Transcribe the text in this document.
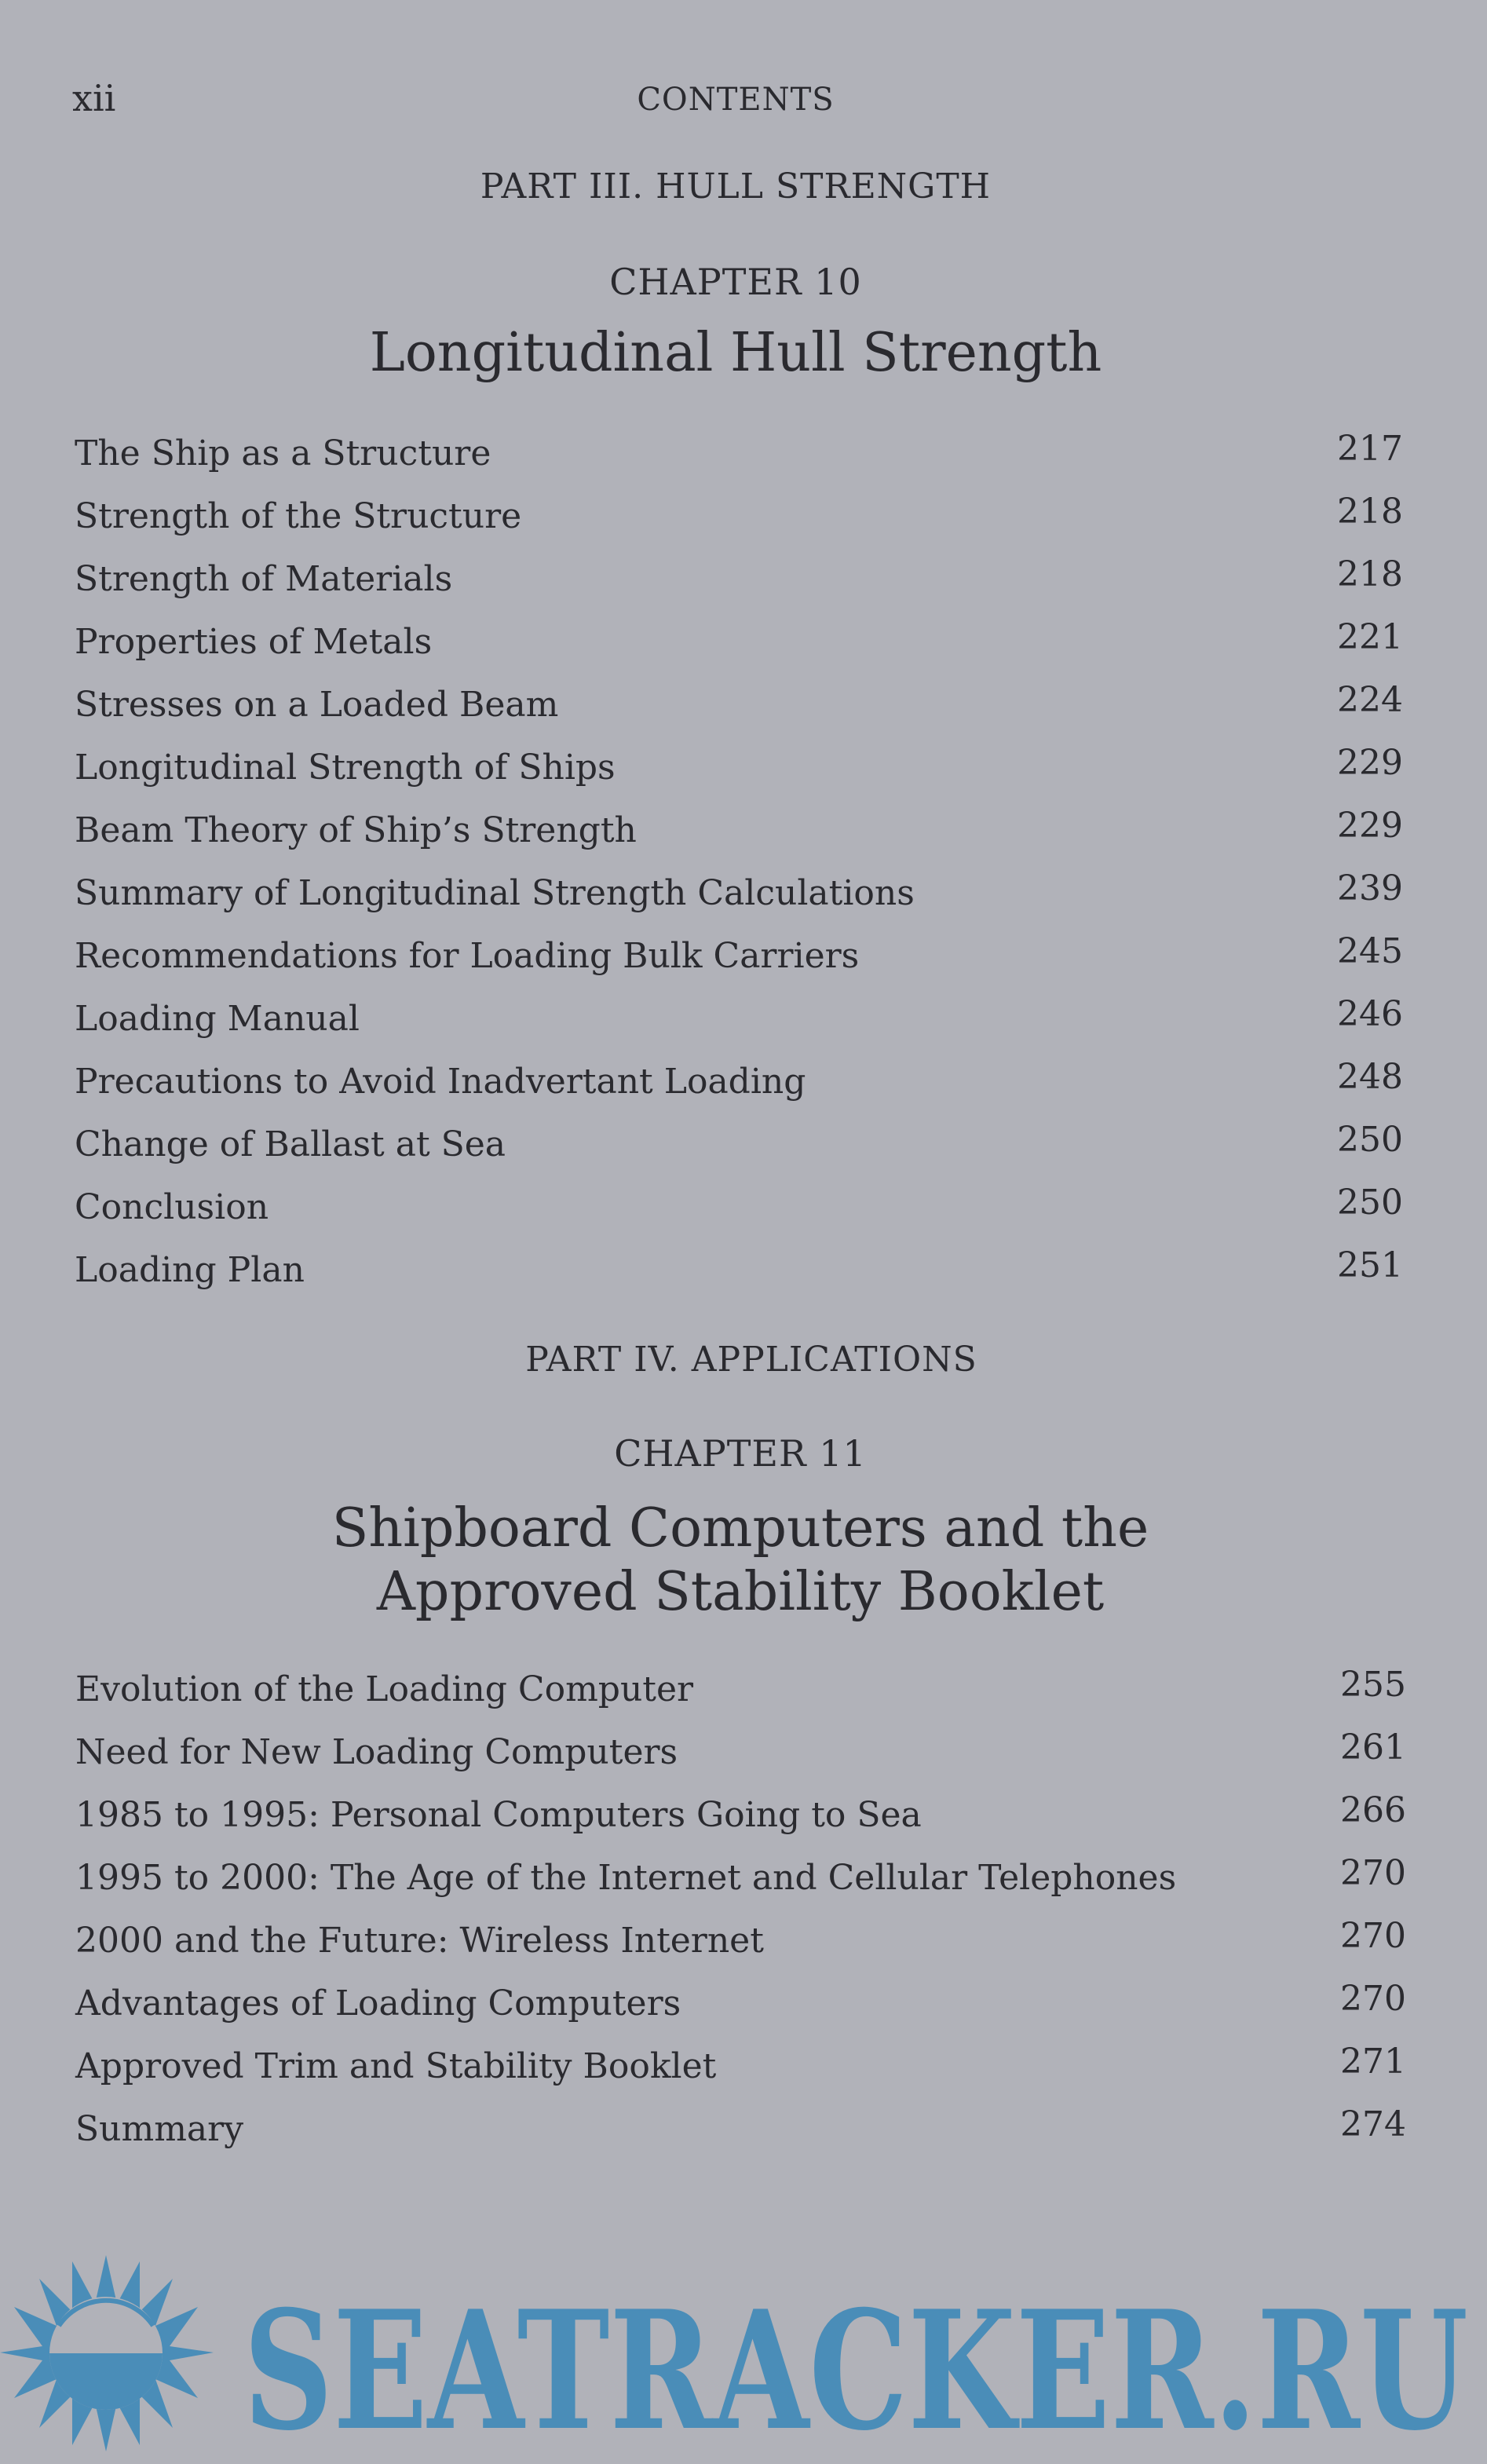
xii	CONTENTS
PART III. HULL STRENGTH
CHAPTER 10
Longitudinal Hull Strength
The Ship as a Structure	217
Strength of the Structure	218
Strength of Materials	218
Properties of Metals	221
Stresses on a Loaded Beam	224
Longitudinal Strength of Ships	229
Beam Theory of Ship’s Strength	229
Summary of Longitudinal Strength Calculations	239
Recommendations for Loading Bulk Carriers	245
Loading Manual	246
Precautions to Avoid Inadvertant Loading	248
Change of Ballast at Sea	250
Conclusion	250
Loading Plan	251
PART IV. APPLICATIONS
CHAPTER 11
Shipboard Computers and the
Approved Stability Booklet
Evolution of the Loading Computer	255
Need for New Loading Computers	261
1985 to 1995: Personal Computers Going to Sea	266
1995 to 2000: The Age of the Internet and Cellular Telephones	270
2000 and the Future: Wireless Internet	270
Advantages of Loading Computers	270
Approved Trim and Stability Booklet	271
Summary	274
SEATRACKER.RU
